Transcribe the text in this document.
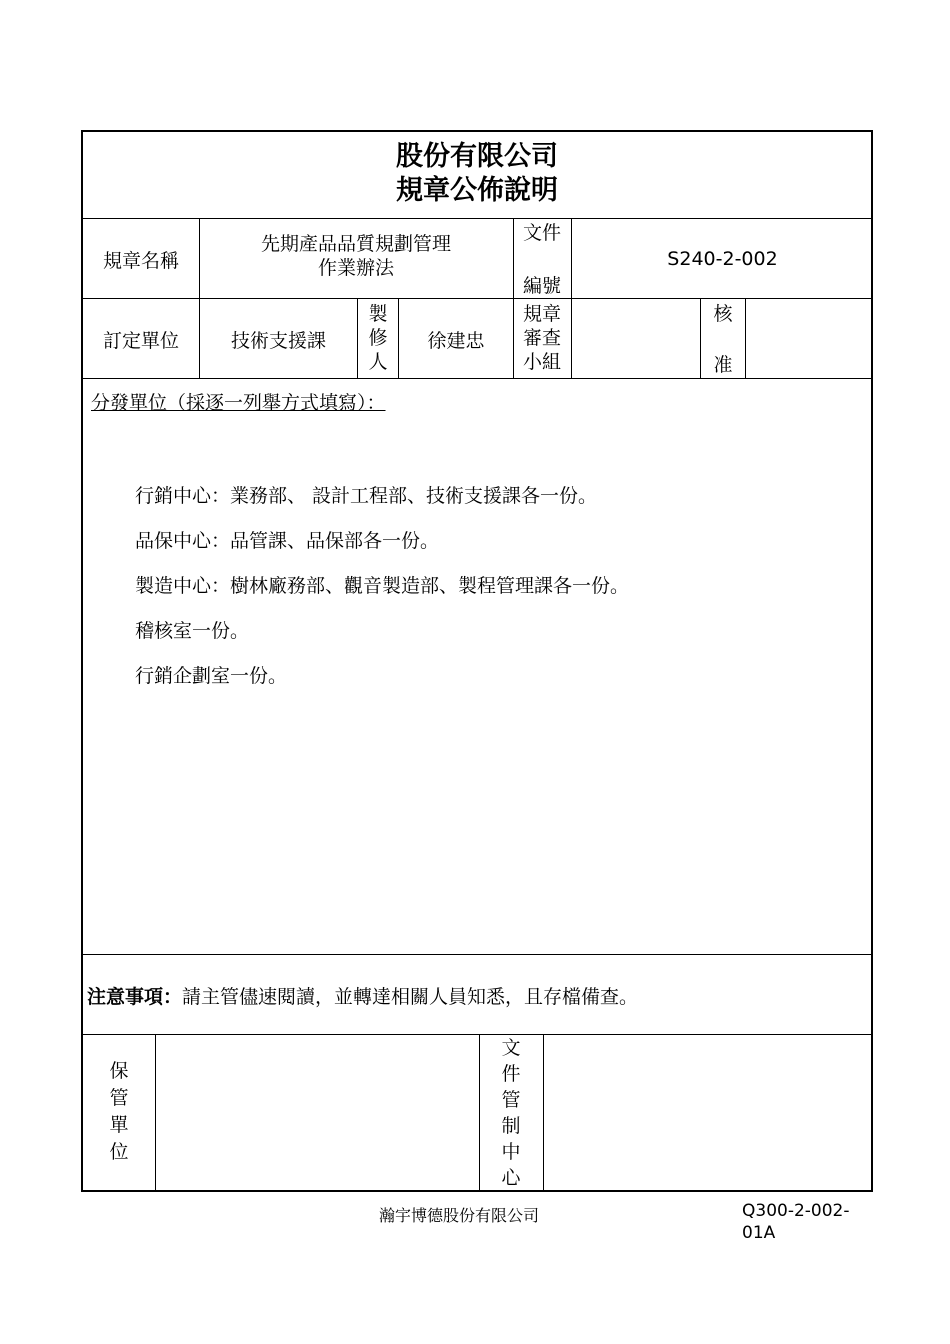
股份有限公司
規章公佈說明
規章名稱
先期產品品質規劃管理
作業辦法
文件
編號
S240-2-002
訂定單位	技術支援課
製
修
人
徐建忠
規章
審查
小組
核
准
分發單位（採逐一列舉方式填寫）：
行銷中心：業務部、 設計工程部、技術支援課各一份。
品保中心：品管課、品保部各一份。
製造中心：樹林廠務部、觀音製造部、製程管理課各一份。
稽核室一份。
行銷企劃室一份。
注意事項：請主管儘速閱讀，並轉達相關人員知悉，且存檔備查。
保
管
單
位
文
件
管
制
中
心
瀚宇博德股份有限公司	Q300-2-002-01A
